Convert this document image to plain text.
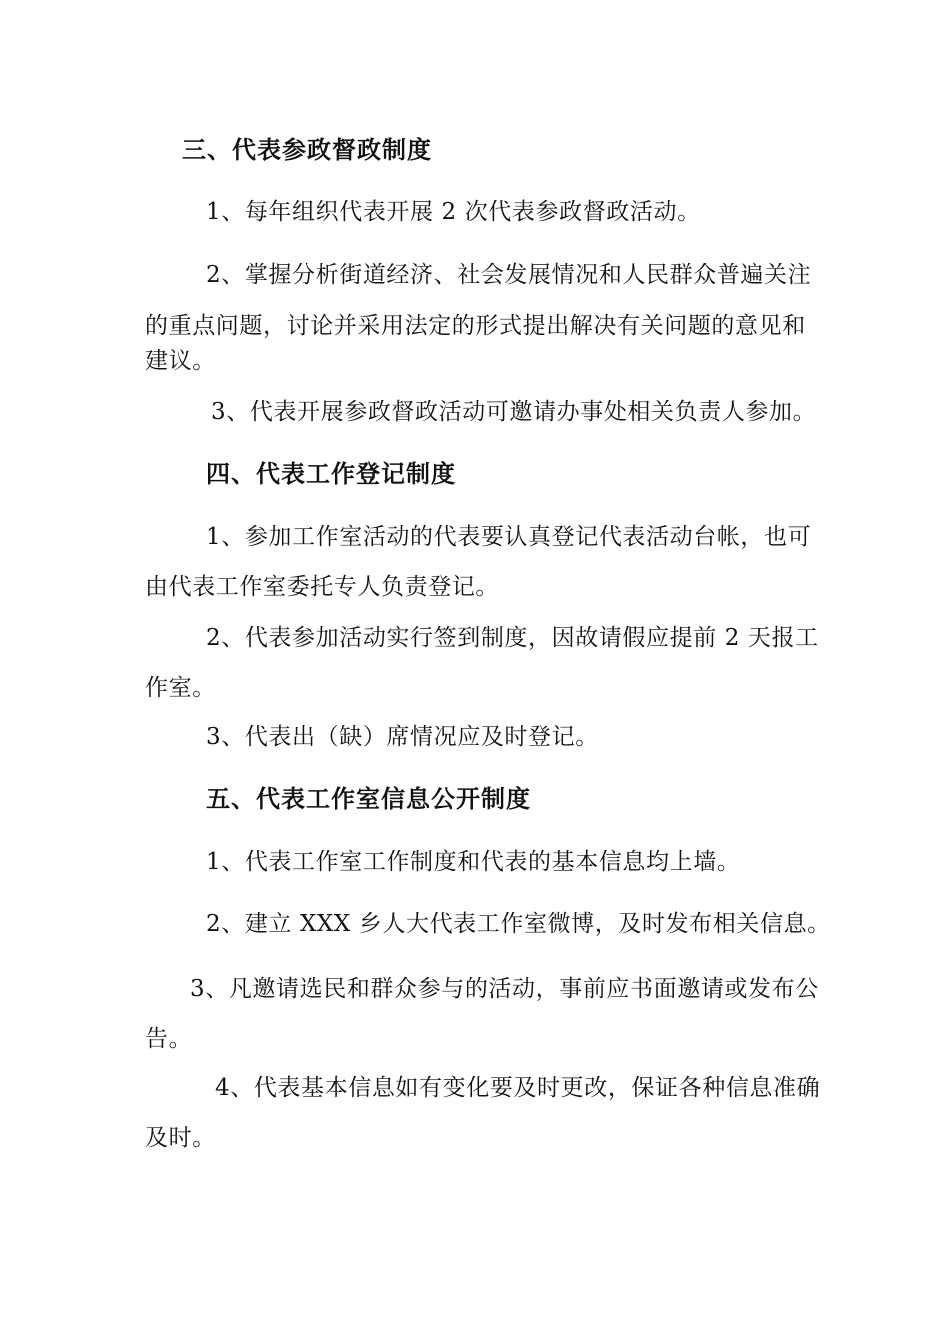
三、代表参政督政制度
1、每年组织代表开展 2 次代表参政督政活动。
2、掌握分析街道经济、社会发展情况和人民群众普遍关注
的重点问题，讨论并采用法定的形式提出解决有关问题的意见和
建议。
3、代表开展参政督政活动可邀请办事处相关负责人参加。
四、代表工作登记制度
1、参加工作室活动的代表要认真登记代表活动台帐，也可
由代表工作室委托专人负责登记。
2、代表参加活动实行签到制度，因故请假应提前 2 天报工
作室。
3、代表出（缺）席情况应及时登记。
五、代表工作室信息公开制度
1、代表工作室工作制度和代表的基本信息均上墙。
2、建立 XXX 乡人大代表工作室微博，及时发布相关信息。
3、凡邀请选民和群众参与的活动，事前应书面邀请或发布公
告。
4、代表基本信息如有变化要及时更改，保证各种信息准确
及时。
